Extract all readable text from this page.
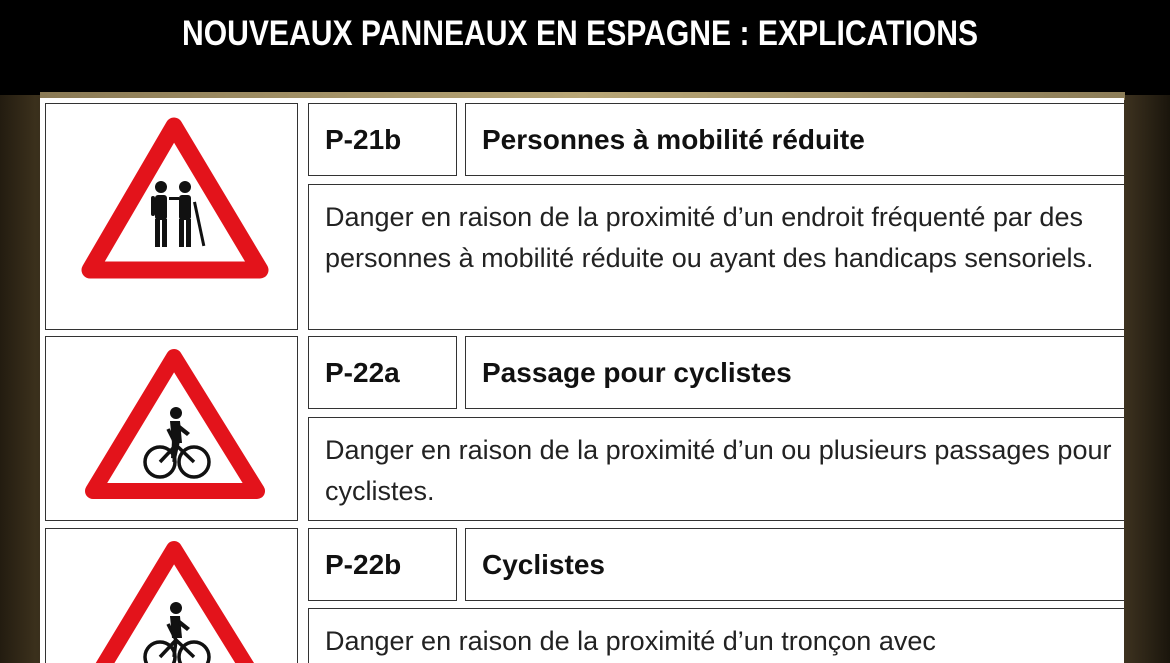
NOUVEAUX PANNEAUX EN ESPAGNE : EXPLICATIONS
P-21b	Personnes à mobilité réduite
Danger en raison de la proximité d’un endroit fréquenté par des personnes à mobilité réduite ou ayant des handicaps sensoriels.
P-22a	Passage pour cyclistes
Danger en raison de la proximité d’un ou plusieurs passages pour cyclistes.
P-22b	Cyclistes
Danger en raison de la proximité d’un tronçon avec
